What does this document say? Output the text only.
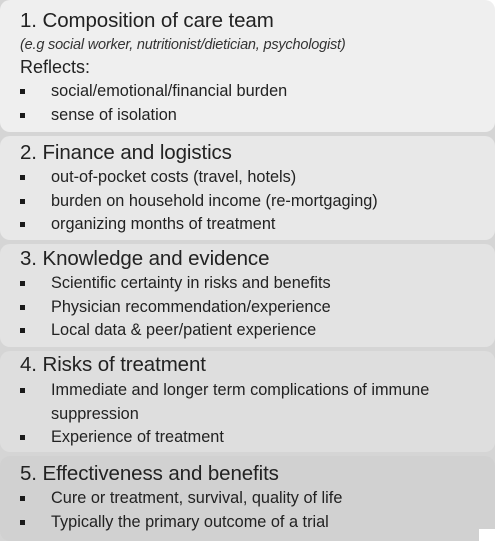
1. Composition of care team
(e.g social worker, nutritionist/dietician, psychologist)
Reflects:
social/emotional/financial burden
sense of isolation
2. Finance and logistics
out-of-pocket costs (travel, hotels)
burden on household income (re-mortgaging)
organizing months of treatment
3. Knowledge and evidence
Scientific certainty in risks and benefits
Physician recommendation/experience
Local data & peer/patient experience
4. Risks of treatment
Immediate and longer term complications of immune suppression
Experience of treatment
5. Effectiveness and benefits
Cure or treatment, survival, quality of life
Typically the primary outcome of a trial
